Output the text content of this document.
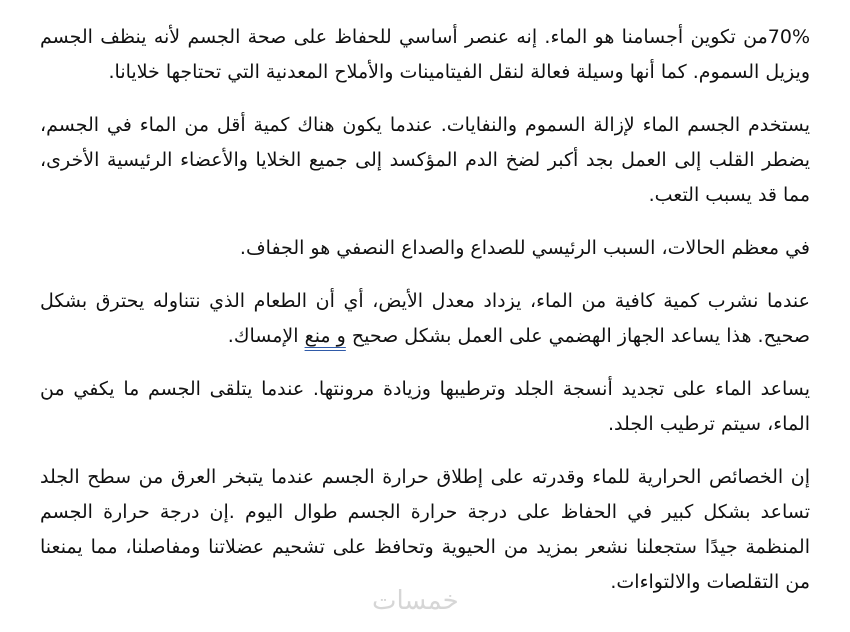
70%من تكوين أجسامنا هو الماء. إنه عنصر أساسي للحفاظ على صحة الجسم لأنه ينظف الجسم ويزيل السموم. كما أنها وسيلة فعالة لنقل الفيتامينات والأملاح المعدنية التي تحتاجها خلايانا.

يستخدم الجسم الماء لإزالة السموم والنفايات. عندما يكون هناك كمية أقل من الماء في الجسم، يضطر القلب إلى العمل بجد أكبر لضخ الدم المؤكسد إلى جميع الخلايا والأعضاء الرئيسية الأخرى، مما قد يسبب التعب.

في معظم الحالات، السبب الرئيسي للصداع والصداع النصفي هو الجفاف.

عندما نشرب كمية كافية من الماء، يزداد معدل الأيض، أي أن الطعام الذي نتناوله يحترق بشكل صحيح. هذا يساعد الجهاز الهضمي على العمل بشكل صحيح و منع الإمساك.

يساعد الماء على تجديد أنسجة الجلد وترطيبها وزيادة مرونتها. عندما يتلقى الجسم ما يكفي من الماء، سيتم ترطيب الجلد.

إن الخصائص الحرارية للماء وقدرته على إطلاق حرارة الجسم عندما يتبخر العرق من سطح الجلد تساعد بشكل كبير في الحفاظ على درجة حرارة الجسم طوال اليوم .إن درجة حرارة الجسم المنظمة جيدًا ستجعلنا نشعر بمزيد من الحيوية وتحافظ على تشحيم عضلاتنا ومفاصلنا، مما يمنعنا من التقلصات والالتواءات.

خمسات
